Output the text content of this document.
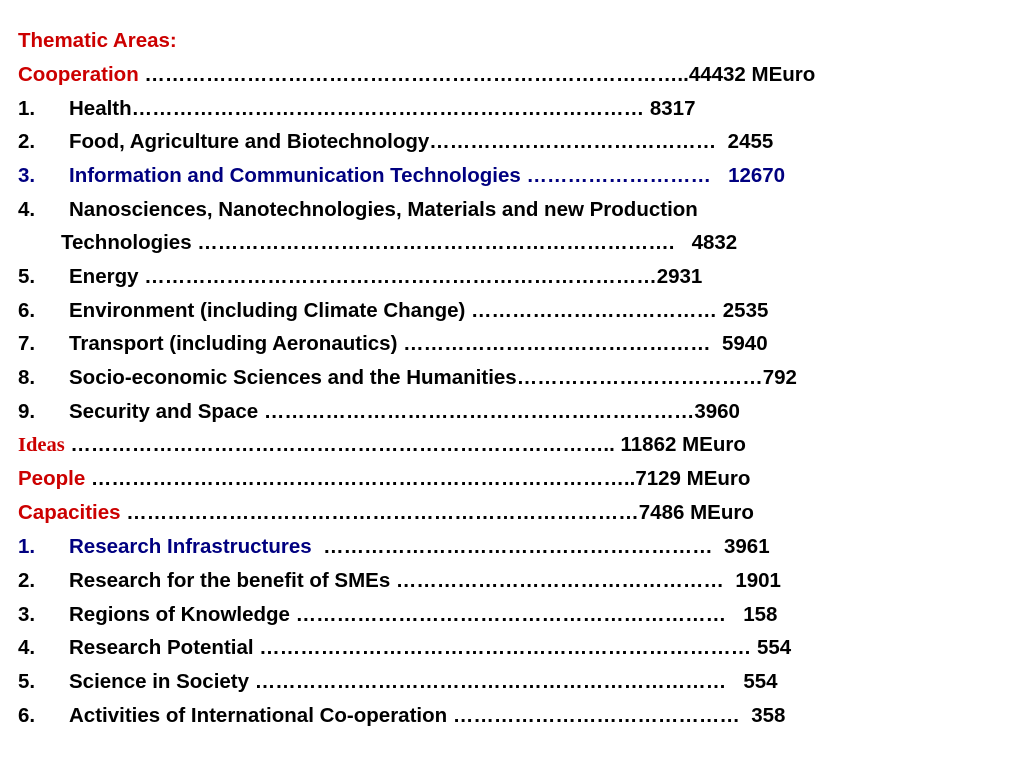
Thematic Areas:
Cooperation ……………………………………………………………………..44432 MEuro
1. Health………………………………………………………………… 8317
2. Food, Agriculture and Biotechnology……………………………………  2455
3. Information and Communication Technologies ………………………   12670
4. Nanosciences, Nanotechnologies, Materials and new Production
Technologies …………………………………………………………….   4832
5. Energy …………………………………………………………………2931
6. Environment (including Climate Change) ……………………………… 2535
7. Transport (including Aeronautics) ………………………………………  5940
8. Socio-economic Sciences and the Humanities………………………………792
9. Security and Space ………………………………………………………3960
Ideas …………………………………………………………………….. 11862 MEuro
People ……………………………………………………………………..7129 MEuro
Capacities …………………………………………………………………7486 MEuro
1. Research Infrastructures  …………………………………………………  3961
2. Research for the benefit of SMEs …………………………………………  1901
3. Regions of Knowledge ………………………………………………………   158
4. Research Potential ……………………………………………………………… 554
5. Science in Society ……………………………………………………………   554
6. Activities of International Co-operation ……………………………………  358
